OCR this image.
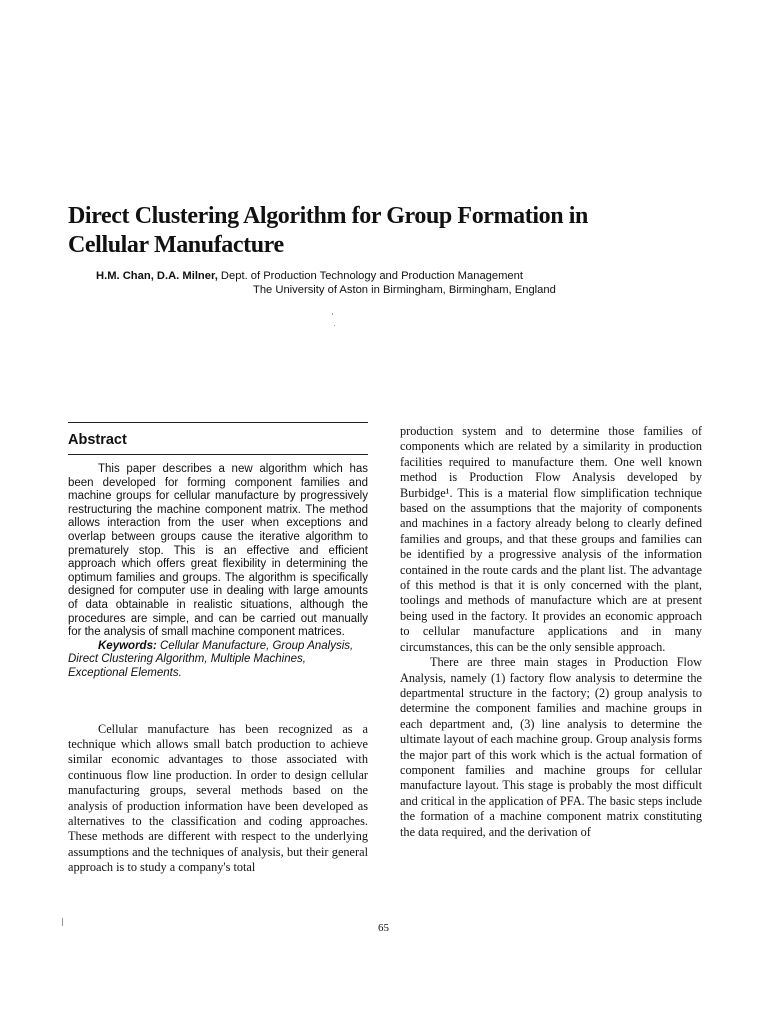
Direct Clustering Algorithm for Group Formation in
Cellular Manufacture
H.M. Chan, D.A. Milner, Dept. of Production Technology and Production Management
The University of Aston in Birmingham, Birmingham, England
Abstract

This paper describes a new algorithm which has been developed for forming component families and machine groups for cellular manufacture by progressively restructuring the machine component matrix. The method allows interaction from the user when exceptions and overlap between groups cause the iterative algorithm to prematurely stop. This is an effective and efficient approach which offers great flexibility in determining the optimum families and groups. The algorithm is specifically designed for computer use in dealing with large amounts of data obtainable in realistic situations, although the procedures are simple, and can be carried out manually for the analysis of small machine component matrices.

Keywords: Cellular Manufacture, Group Analysis, Direct Clustering Algorithm, Multiple Machines, Exceptional Elements.

Cellular manufacture has been recognized as a technique which allows small batch production to achieve similar economic advantages to those associated with continuous flow line production. In order to design cellular manufacturing groups, several methods based on the analysis of production information have been developed as alternatives to the classification and coding approaches. These methods are different with respect to the underlying assumptions and the techniques of analysis, but their general approach is to study a company's total

production system and to determine those families of components which are related by a similarity in production facilities required to manufacture them. One well known method is Production Flow Analysis developed by Burbidge¹. This is a material flow simplification technique based on the assumptions that the majority of components and machines in a factory already belong to clearly defined families and groups, and that these groups and families can be identified by a progressive analysis of the information contained in the route cards and the plant list. The advantage of this method is that it is only concerned with the plant, toolings and methods of manufacture which are at present being used in the factory. It provides an economic approach to cellular manufacture applications and in many circumstances, this can be the only sensible approach.

There are three main stages in Production Flow Analysis, namely (1) factory flow analysis to determine the departmental structure in the factory; (2) group analysis to determine the component families and machine groups in each department and, (3) line analysis to determine the ultimate layout of each machine group. Group analysis forms the major part of this work which is the actual formation of component families and machine groups for cellular manufacture layout. This stage is probably the most difficult and critical in the application of PFA. The basic steps include the formation of a machine component matrix constituting the data required, and the derivation of

65
